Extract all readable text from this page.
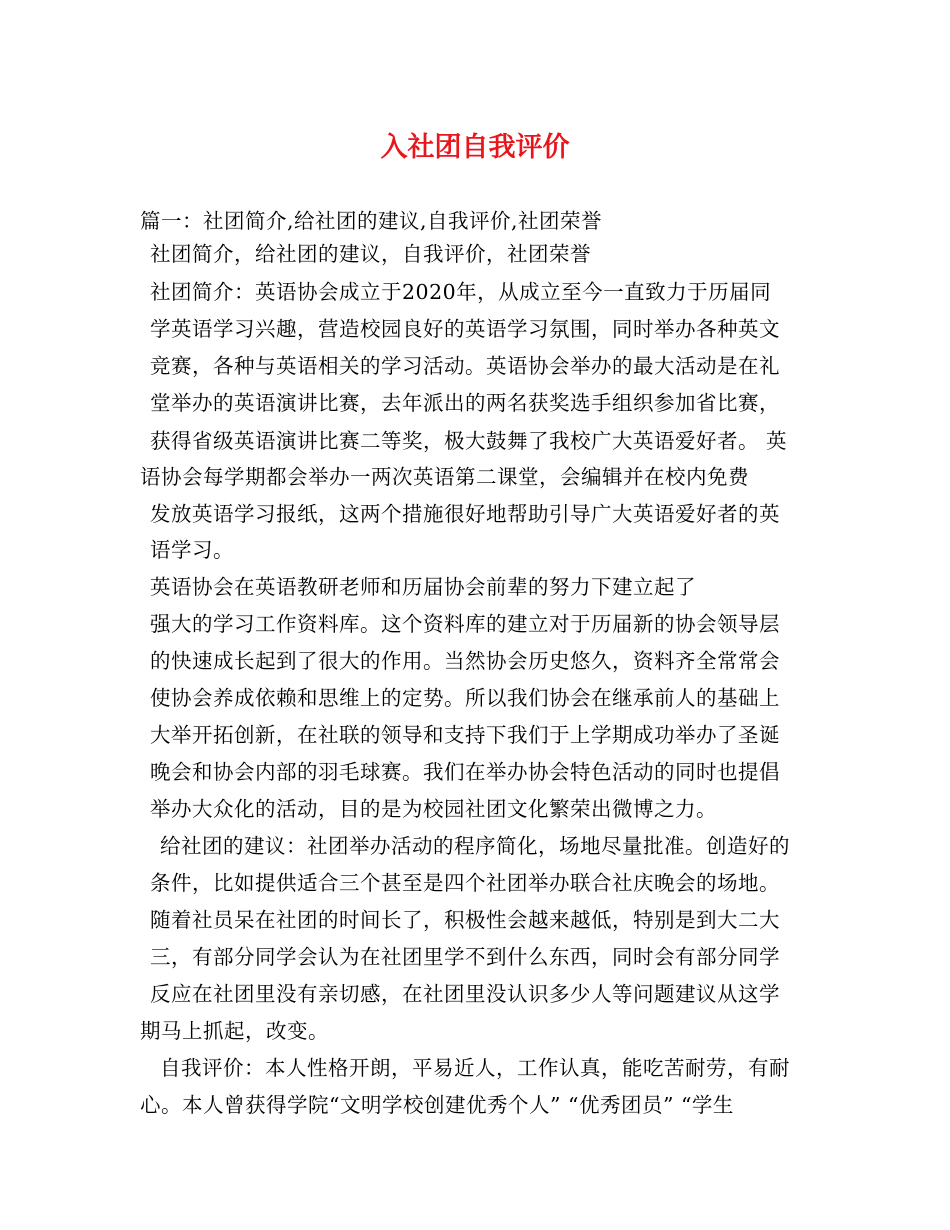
入社团自我评价
篇一：社团简介,给社团的建议,自我评价,社团荣誉
社团简介，给社团的建议，自我评价，社团荣誉
社团简介：英语协会成立于2020年，从成立至今一直致力于历届同
学英语学习兴趣，营造校园良好的英语学习氛围，同时举办各种英文
竞赛，各种与英语相关的学习活动。英语协会举办的最大活动是在礼
堂举办的英语演讲比赛，去年派出的两名获奖选手组织参加省比赛，
获得省级英语演讲比赛二等奖，极大鼓舞了我校广大英语爱好者。 英
语协会每学期都会举办一两次英语第二课堂，会编辑并在校内免费
发放英语学习报纸，这两个措施很好地帮助引导广大英语爱好者的英
语学习。
英语协会在英语教研老师和历届协会前辈的努力下建立起了
强大的学习工作资料库。这个资料库的建立对于历届新的协会领导层
的快速成长起到了很大的作用。当然协会历史悠久，资料齐全常常会
使协会养成依赖和思维上的定势。所以我们协会在继承前人的基础上
大举开拓创新，在社联的领导和支持下我们于上学期成功举办了圣诞
晚会和协会内部的羽毛球赛。我们在举办协会特色活动的同时也提倡
举办大众化的活动，目的是为校园社团文化繁荣出微博之力。
给社团的建议：社团举办活动的程序简化，场地尽量批准。创造好的
条件，比如提供适合三个甚至是四个社团举办联合社庆晚会的场地。
随着社员呆在社团的时间长了，积极性会越来越低，特别是到大二大
三，有部分同学会认为在社团里学不到什么东西，同时会有部分同学
反应在社团里没有亲切感，在社团里没认识多少人等问题建议从这学
期马上抓起，改变。
自我评价：本人性格开朗，平易近人，工作认真，能吃苦耐劳，有耐
心。本人曾获得学院“文明学校创建优秀个人” “优秀团员” “学生
